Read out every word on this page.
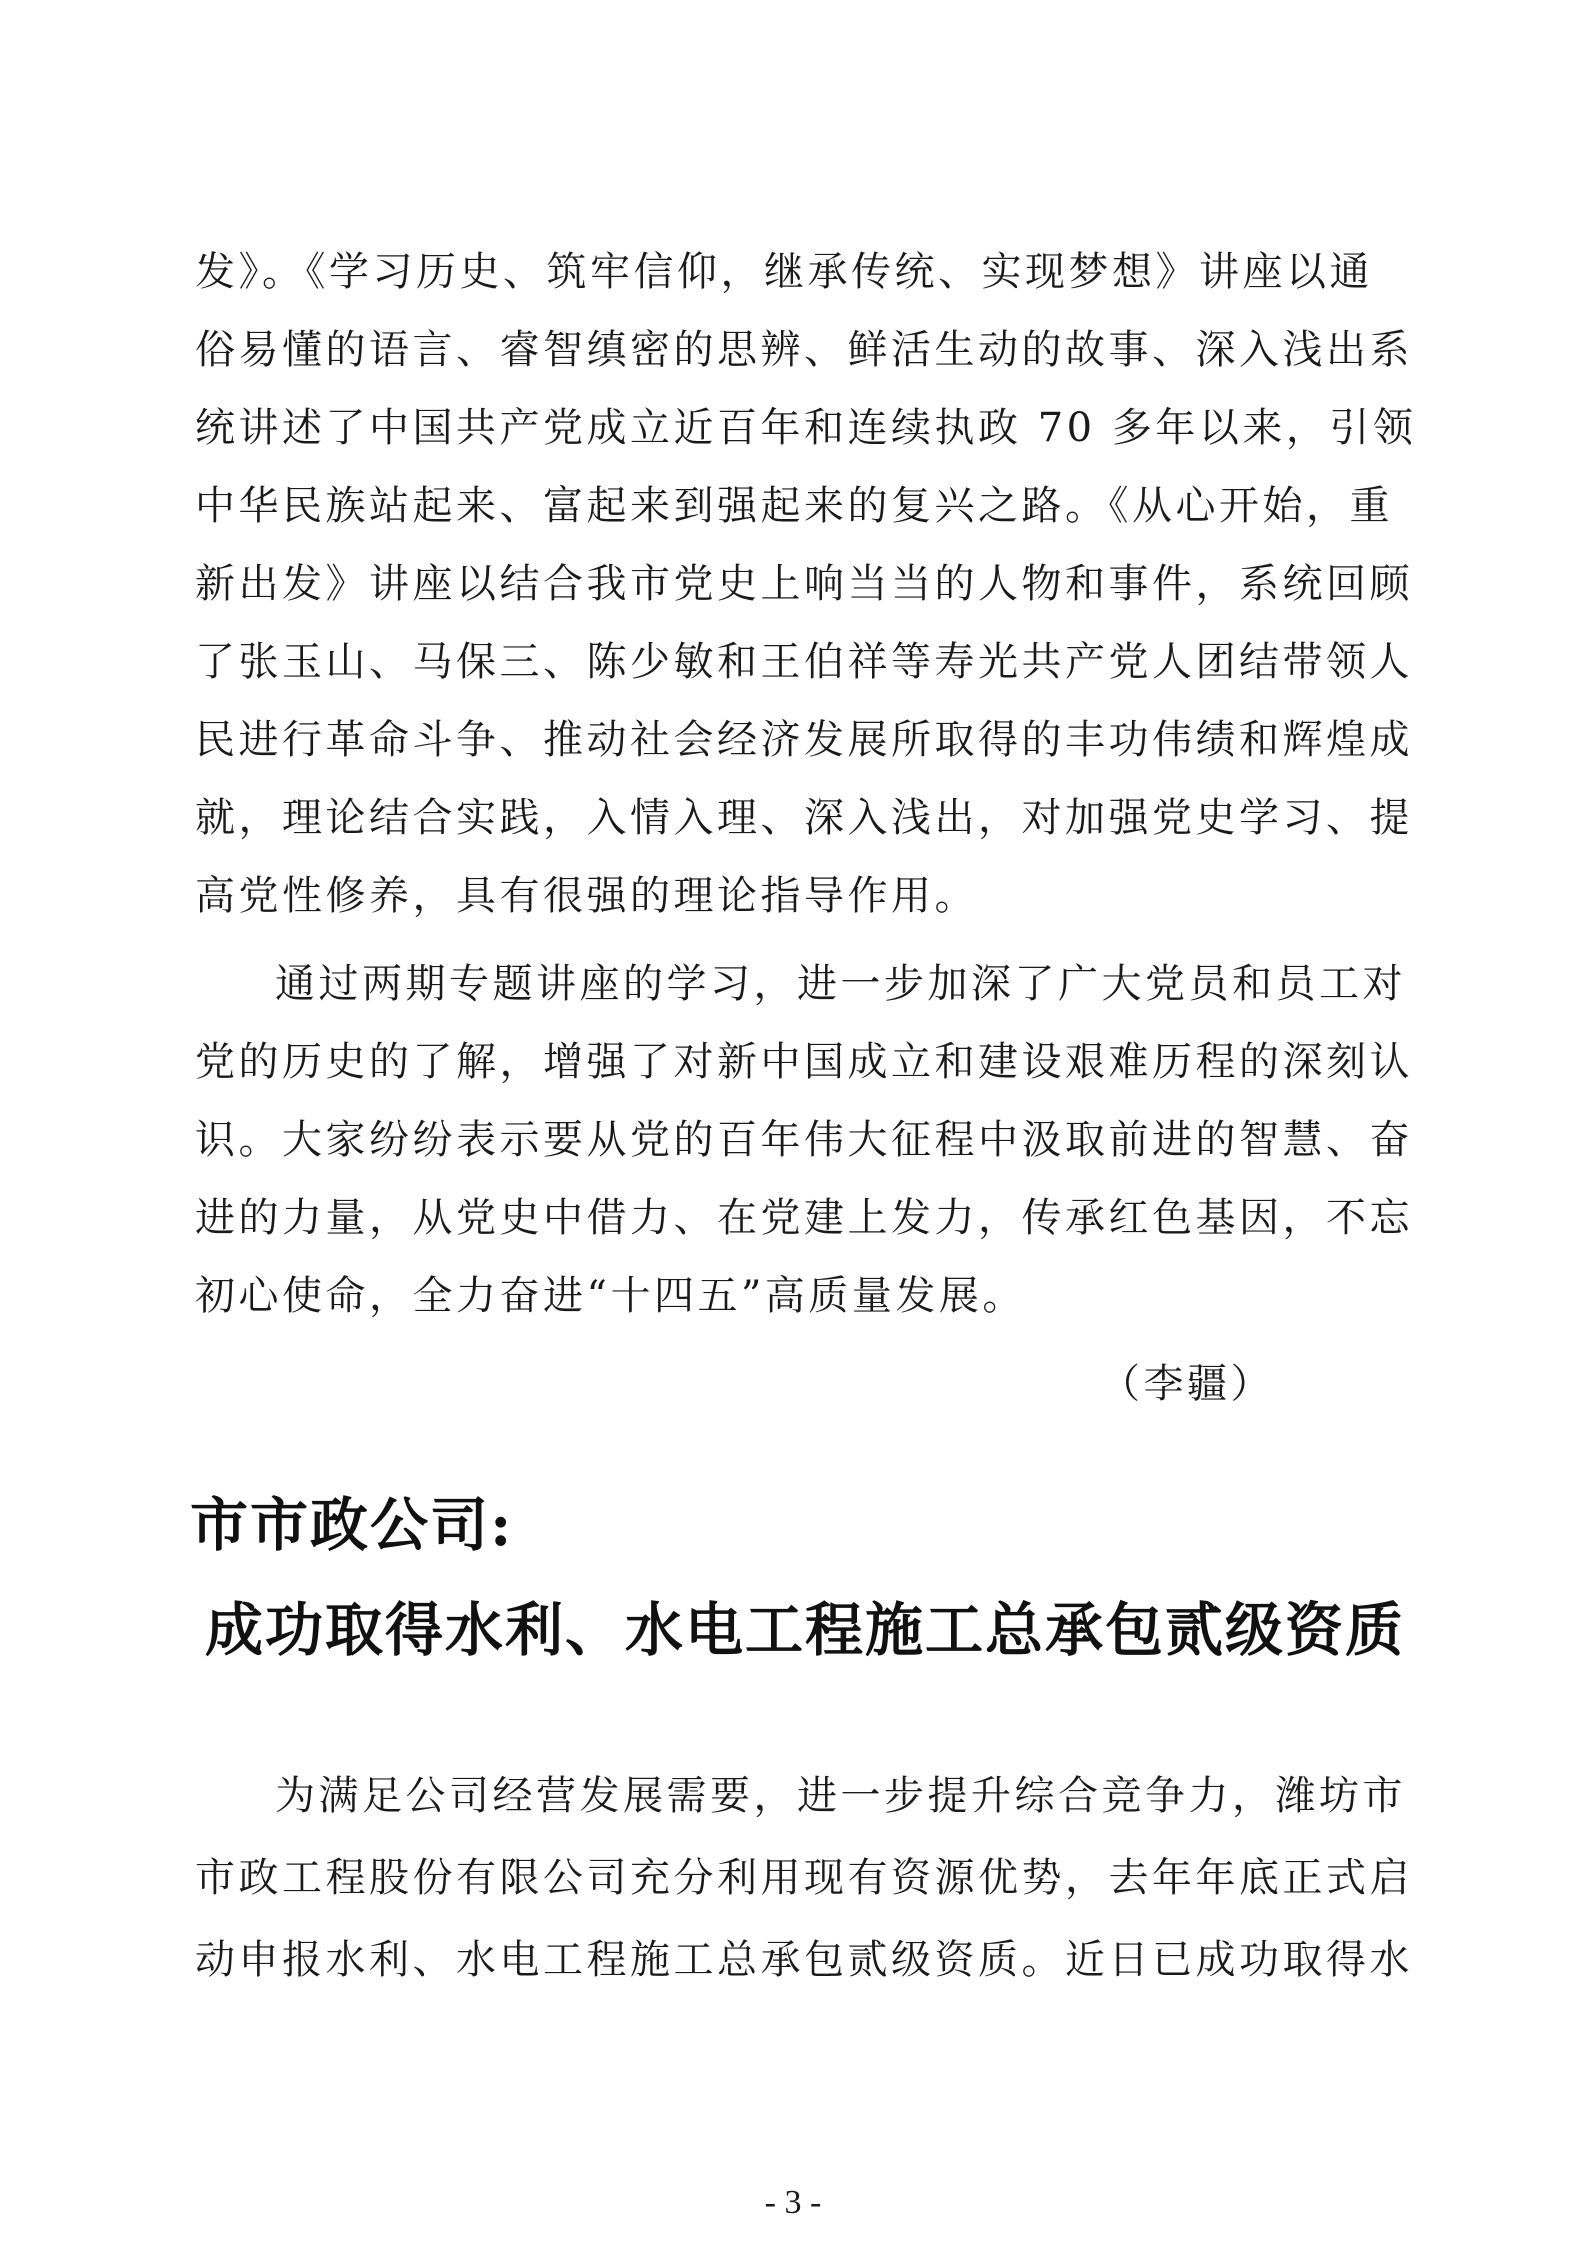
发》。《学习历史、筑牢信仰，继承传统、实现梦想》讲座以通
俗易懂的语言、睿智缜密的思辨、鲜活生动的故事、深入浅出系
统讲述了中国共产党成立近百年和连续执政 70 多年以来，引领
中华民族站起来、富起来到强起来的复兴之路。《从心开始，重
新出发》讲座以结合我市党史上响当当的人物和事件，系统回顾
了张玉山、马保三、陈少敏和王伯祥等寿光共产党人团结带领人
民进行革命斗争、推动社会经济发展所取得的丰功伟绩和辉煌成
就，理论结合实践，入情入理、深入浅出，对加强党史学习、提
高党性修养，具有很强的理论指导作用。
通过两期专题讲座的学习，进一步加深了广大党员和员工对
党的历史的了解，增强了对新中国成立和建设艰难历程的深刻认
识。大家纷纷表示要从党的百年伟大征程中汲取前进的智慧、奋
进的力量，从党史中借力、在党建上发力，传承红色基因，不忘
初心使命，全力奋进“十四五”高质量发展。
（李疆）
市市政公司:
成功取得水利、水电工程施工总承包贰级资质
为满足公司经营发展需要，进一步提升综合竞争力，潍坊市
市政工程股份有限公司充分利用现有资源优势，去年年底正式启
动申报水利、水电工程施工总承包贰级资质。近日已成功取得水
- 3 -
